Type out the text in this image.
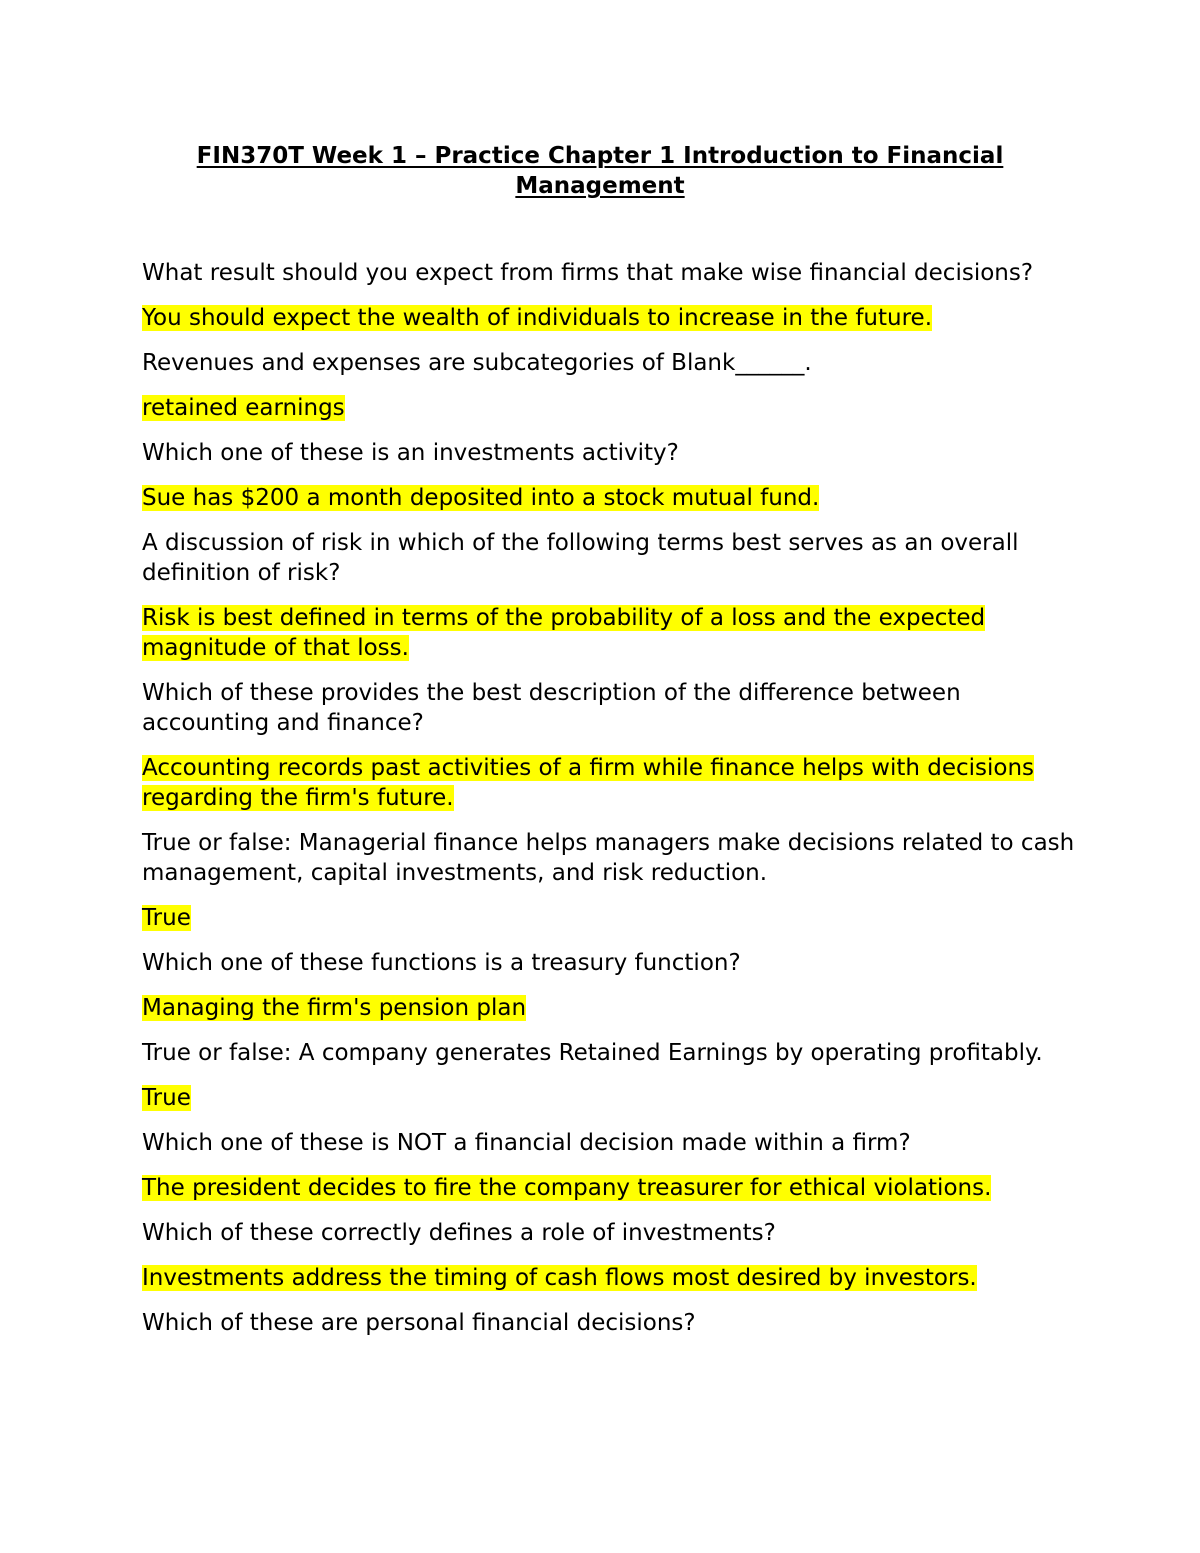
FIN370T Week 1 – Practice Chapter 1 Introduction to Financial Management

What result should you expect from firms that make wise financial decisions?

You should expect the wealth of individuals to increase in the future.

Revenues and expenses are subcategories of Blank______.

retained earnings

Which one of these is an investments activity?

Sue has $200 a month deposited into a stock mutual fund.

A discussion of risk in which of the following terms best serves as an overall definition of risk?

Risk is best defined in terms of the probability of a loss and the expected magnitude of that loss.

Which of these provides the best description of the difference between accounting and finance?

Accounting records past activities of a firm while finance helps with decisions regarding the firm's future.

True or false: Managerial finance helps managers make decisions related to cash management, capital investments, and risk reduction.

True

Which one of these functions is a treasury function?

Managing the firm's pension plan

True or false: A company generates Retained Earnings by operating profitably.

True

Which one of these is NOT a financial decision made within a firm?

The president decides to fire the company treasurer for ethical violations.

Which of these correctly defines a role of investments?

Investments address the timing of cash flows most desired by investors.

Which of these are personal financial decisions?
